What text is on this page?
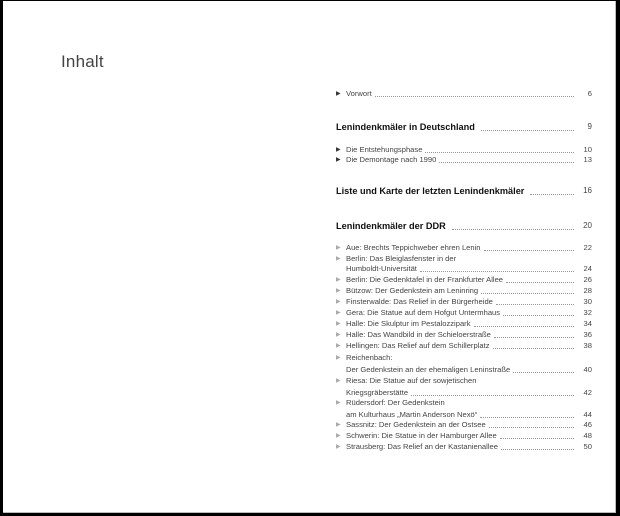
Inhalt
▶ Vorwort	6
Lenindenkmäler in Deutschland	9
▶ Die Entstehungsphase	10
▶ Die Demontage nach 1990	13
Liste und Karte der letzten Lenindenkmäler	16
Lenindenkmäler der DDR	20
▶ Aue: Brechts Teppichweber ehren Lenin	22
▶ Berlin: Das Bleiglasfenster in der
Humboldt-Universität	24
▶ Berlin: Die Gedenktafel in der Frankfurter Allee	26
▶ Bützow: Der Gedenkstein am Leninring	28
▶ Finsterwalde: Das Relief in der Bürgerheide	30
▶ Gera: Die Statue auf dem Hofgut Untermhaus	32
▶ Halle: Die Skulptur im Pestalozzipark	34
▶ Halle: Das Wandbild in der Schieloerstraße	36
▶ Hellingen: Das Relief auf dem Schillerplatz	38
▶ Reichenbach:
Der Gedenkstein an der ehemaligen Leninstraße	40
▶ Riesa: Die Statue auf der sowjetischen
Kriegsgräberstätte	42
▶ Rüdersdorf: Der Gedenkstein
am Kulturhaus „Martin Anderson Nexö“	44
▶ Sassnitz: Der Gedenkstein an der Ostsee	46
▶ Schwerin: Die Statue in der Hamburger Allee	48
▶ Strausberg: Das Relief an der Kastanienallee	50
